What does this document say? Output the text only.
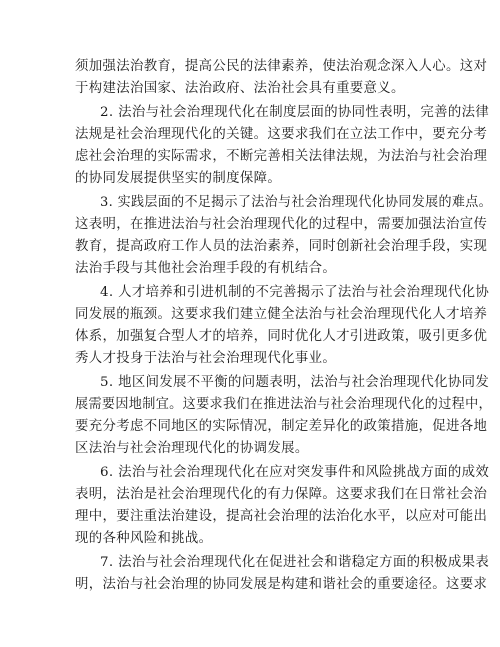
须加强法治教育，提高公民的法律素养，使法治观念深入人心。这对
于构建法治国家、法治政府、法治社会具有重要意义。
2. 法治与社会治理现代化在制度层面的协同性表明，完善的法律
法规是社会治理现代化的关键。这要求我们在立法工作中，要充分考
虑社会治理的实际需求，不断完善相关法律法规，为法治与社会治理
的协同发展提供坚实的制度保障。
3. 实践层面的不足揭示了法治与社会治理现代化协同发展的难点。
这表明，在推进法治与社会治理现代化的过程中，需要加强法治宣传
教育，提高政府工作人员的法治素养，同时创新社会治理手段，实现
法治手段与其他社会治理手段的有机结合。
4. 人才培养和引进机制的不完善揭示了法治与社会治理现代化协
同发展的瓶颈。这要求我们建立健全法治与社会治理现代化人才培养
体系，加强复合型人才的培养，同时优化人才引进政策，吸引更多优
秀人才投身于法治与社会治理现代化事业。
5. 地区间发展不平衡的问题表明，法治与社会治理现代化协同发
展需要因地制宜。这要求我们在推进法治与社会治理现代化的过程中，
要充分考虑不同地区的实际情况，制定差异化的政策措施，促进各地
区法治与社会治理现代化的协调发展。
6. 法治与社会治理现代化在应对突发事件和风险挑战方面的成效
表明，法治是社会治理现代化的有力保障。这要求我们在日常社会治
理中，要注重法治建设，提高社会治理的法治化水平，以应对可能出
现的各种风险和挑战。
7. 法治与社会治理现代化在促进社会和谐稳定方面的积极成果表
明，法治与社会治理的协同发展是构建和谐社会的重要途径。这要求
